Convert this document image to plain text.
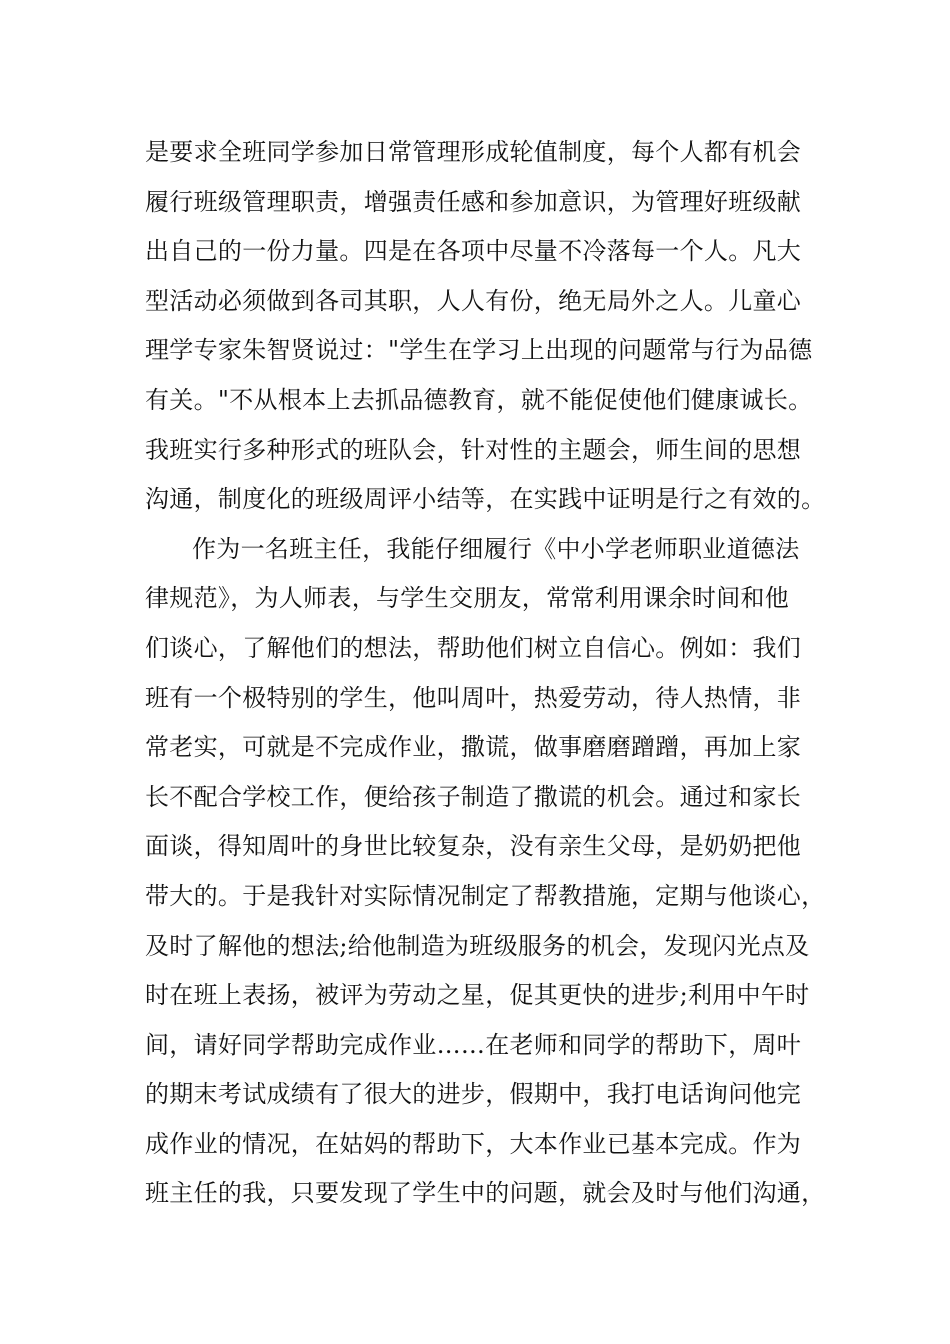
是要求全班同学参加日常管理形成轮值制度，每个人都有机会
履行班级管理职责，增强责任感和参加意识，为管理好班级献
出自己的一份力量。四是在各项中尽量不冷落每一个人。凡大
型活动必须做到各司其职，人人有份，绝无局外之人。儿童心
理学专家朱智贤说过："学生在学习上出现的问题常与行为品德
有关。"不从根本上去抓品德教育，就不能促使他们健康诚长。
我班实行多种形式的班队会，针对性的主题会，师生间的思想
沟通，制度化的班级周评小结等，在实践中证明是行之有效的。
作为一名班主任，我能仔细履行《中小学老师职业道德法
律规范》，为人师表，与学生交朋友，常常利用课余时间和他
们谈心，了解他们的想法，帮助他们树立自信心。例如：我们
班有一个极特别的学生，他叫周叶，热爱劳动，待人热情，非
常老实，可就是不完成作业，撒谎，做事磨磨蹭蹭，再加上家
长不配合学校工作，便给孩子制造了撒谎的机会。通过和家长
面谈，得知周叶的身世比较复杂，没有亲生父母，是奶奶把他
带大的。于是我针对实际情况制定了帮教措施，定期与他谈心，
及时了解他的想法;给他制造为班级服务的机会，发现闪光点及
时在班上表扬，被评为劳动之星，促其更快的进步;利用中午时
间，请好同学帮助完成作业……在老师和同学的帮助下，周叶
的期末考试成绩有了很大的进步，假期中，我打电话询问他完
成作业的情况，在姑妈的帮助下，大本作业已基本完成。作为
班主任的我，只要发现了学生中的问题，就会及时与他们沟通，
